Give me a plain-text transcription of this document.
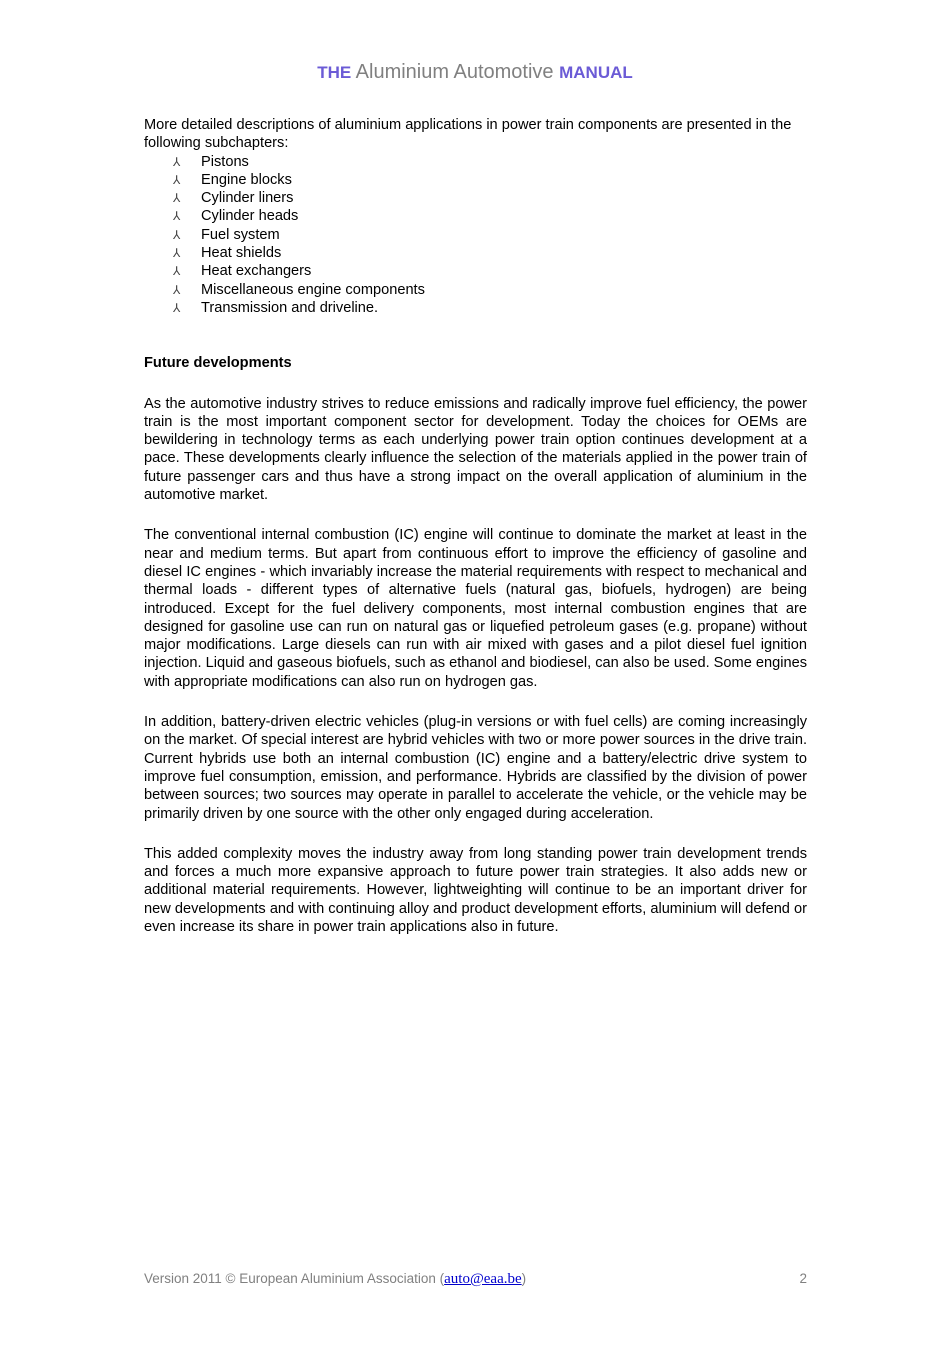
THE Aluminium Automotive MANUAL

More detailed descriptions of aluminium applications in power train components are presented in the following subchapters:

⅄ Pistons
⅄ Engine blocks
⅄ Cylinder liners
⅄ Cylinder heads
⅄ Fuel system
⅄ Heat shields
⅄ Heat exchangers
⅄ Miscellaneous engine components
⅄ Transmission and driveline.
Future developments

As the automotive industry strives to reduce emissions and radically improve fuel efficiency, the power train is the most important component sector for development. Today the choices for OEMs are bewildering in technology terms as each underlying power train option continues development at a pace. These developments clearly influence the selection of the materials applied in the power train of future passenger cars and thus have a strong impact on the overall application of aluminium in the automotive market.

The conventional internal combustion (IC) engine will continue to dominate the market at least in the near and medium terms. But apart from continuous effort to improve the efficiency of gasoline and diesel IC engines - which invariably increase the material requirements with respect to mechanical and thermal loads - different types of alternative fuels (natural gas, biofuels, hydrogen) are being introduced. Except for the fuel delivery components, most internal combustion engines that are designed for gasoline use can run on natural gas or liquefied petroleum gases (e.g. propane) without major modifications. Large diesels can run with air mixed with gases and a pilot diesel fuel ignition injection. Liquid and gaseous biofuels, such as ethanol and biodiesel, can also be used. Some engines with appropriate modifications can also run on hydrogen gas.

In addition, battery-driven electric vehicles (plug-in versions or with fuel cells) are coming increasingly on the market. Of special interest are hybrid vehicles with two or more power sources in the drive train. Current hybrids use both an internal combustion (IC) engine and a battery/electric drive system to improve fuel consumption, emission, and performance. Hybrids are classified by the division of power between sources; two sources may operate in parallel to accelerate the vehicle, or the vehicle may be primarily driven by one source with the other only engaged during acceleration.

This added complexity moves the industry away from long standing power train development trends and forces a much more expansive approach to future power train strategies. It also adds new or additional material requirements. However, lightweighting will continue to be an important driver for new developments and with continuing alloy and product development efforts, aluminium will defend or even increase its share in power train applications also in future.

Version 2011 © European Aluminium Association (auto@eaa.be)	2
